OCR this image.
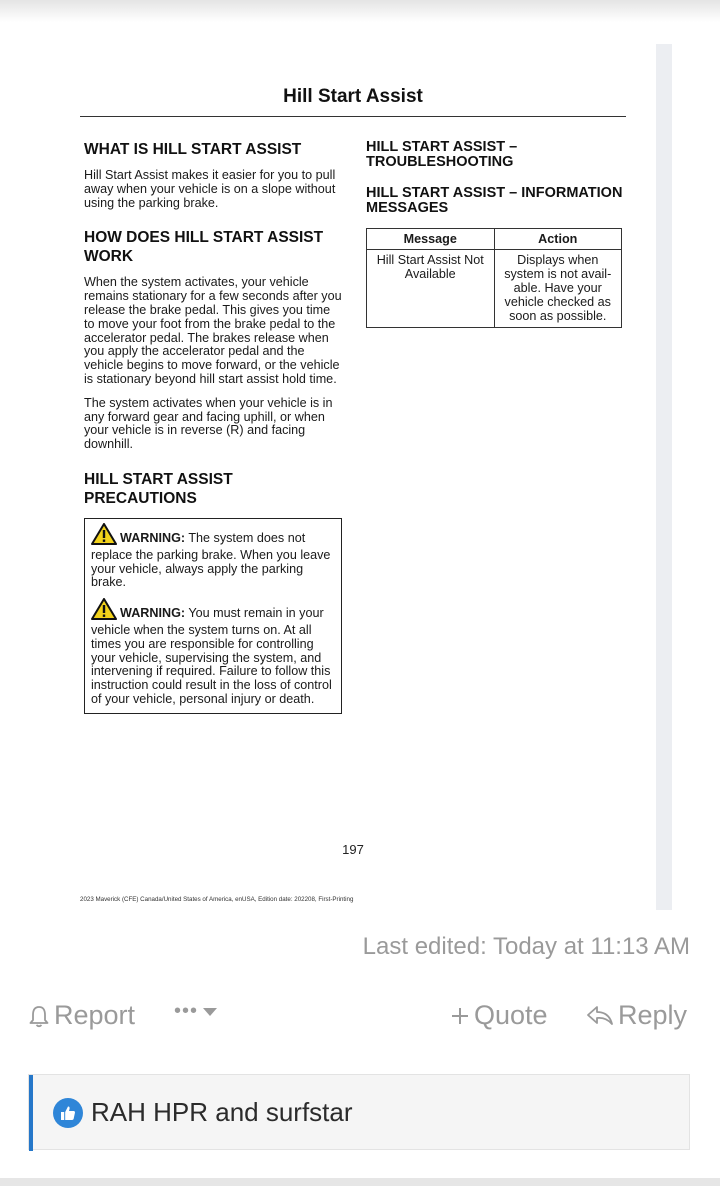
Hill Start Assist
WHAT IS HILL START ASSIST
Hill Start Assist makes it easier for you to pull away when your vehicle is on a slope without using the parking brake.
HOW DOES HILL START ASSIST WORK
When the system activates, your vehicle remains stationary for a few seconds after you release the brake pedal. This gives you time to move your foot from the brake pedal to the accelerator pedal. The brakes release when you apply the accelerator pedal and the vehicle begins to move forward, or the vehicle is stationary beyond hill start assist hold time.
The system activates when your vehicle is in any forward gear and facing uphill, or when your vehicle is in reverse (R) and facing downhill.
HILL START ASSIST PRECAUTIONS
WARNING: The system does not replace the parking brake. When you leave your vehicle, always apply the parking brake.
WARNING: You must remain in your vehicle when the system turns on. At all times you are responsible for controlling your vehicle, supervising the system, and intervening if required. Failure to follow this instruction could result in the loss of control of your vehicle, personal injury or death.
HILL START ASSIST – TROUBLESHOOTING
HILL START ASSIST – INFORMATION MESSAGES
Message	Action
Hill Start Assist Not Available	Displays when system is not avail-able. Have your vehicle checked as soon as possible.
197
2023 Maverick (CFE) Canada/United States of America, enUSA, Edition date: 202208, First-Printing
Last edited: Today at 11:13 AM
Report •••	Quote	Reply
RAH HPR and surfstar
